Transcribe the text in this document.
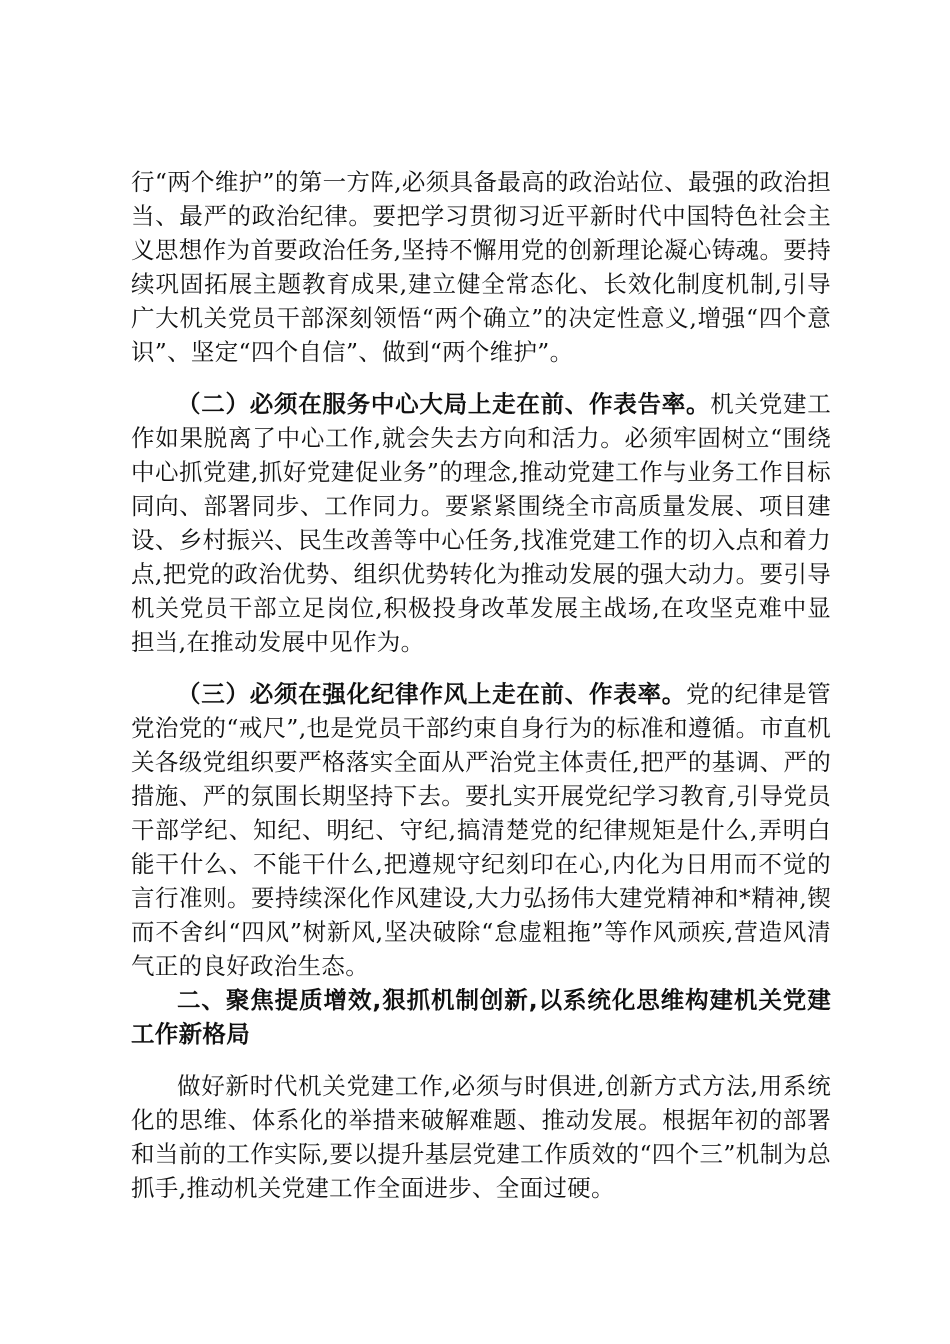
行“两个维护”的第一方阵,必须具备最高的政治站位、最强的政治担当、最严的政治纪律。要把学习贯彻习近平新时代中国特色社会主义思想作为首要政治任务,坚持不懈用党的创新理论凝心铸魂。要持续巩固拓展主题教育成果,建立健全常态化、长效化制度机制,引导广大机关党员干部深刻领悟“两个确立”的决定性意义,增强“四个意识”、坚定“四个自信”、做到“两个维护”。

（二）必须在服务中心大局上走在前、作表告率。机关党建工作如果脱离了中心工作,就会失去方向和活力。必须牢固树立“围绕中心抓党建,抓好党建促业务”的理念,推动党建工作与业务工作目标同向、部署同步、工作同力。要紧紧围绕全市高质量发展、项目建设、乡村振兴、民生改善等中心任务,找准党建工作的切入点和着力点,把党的政治优势、组织优势转化为推动发展的强大动力。要引导机关党员干部立足岗位,积极投身改革发展主战场,在攻坚克难中显担当,在推动发展中见作为。

（三）必须在强化纪律作风上走在前、作表率。党的纪律是管党治党的“戒尺”,也是党员干部约束自身行为的标准和遵循。市直机关各级党组织要严格落实全面从严治党主体责任,把严的基调、严的措施、严的氛围长期坚持下去。要扎实开展党纪学习教育,引导党员干部学纪、知纪、明纪、守纪,搞清楚党的纪律规矩是什么,弄明白能干什么、不能干什么,把遵规守纪刻印在心,内化为日用而不觉的言行准则。要持续深化作风建设,大力弘扬伟大建党精神和*精神,锲而不舍纠“四风”树新风,坚决破除“怠虚粗拖”等作风顽疾,营造风清气正的良好政治生态。

二、聚焦提质增效,狠抓机制创新,以系统化思维构建机关党建工作新格局

做好新时代机关党建工作,必须与时俱进,创新方式方法,用系统化的思维、体系化的举措来破解难题、推动发展。根据年初的部署和当前的工作实际,要以提升基层党建工作质效的“四个三”机制为总抓手,推动机关党建工作全面进步、全面过硬。
